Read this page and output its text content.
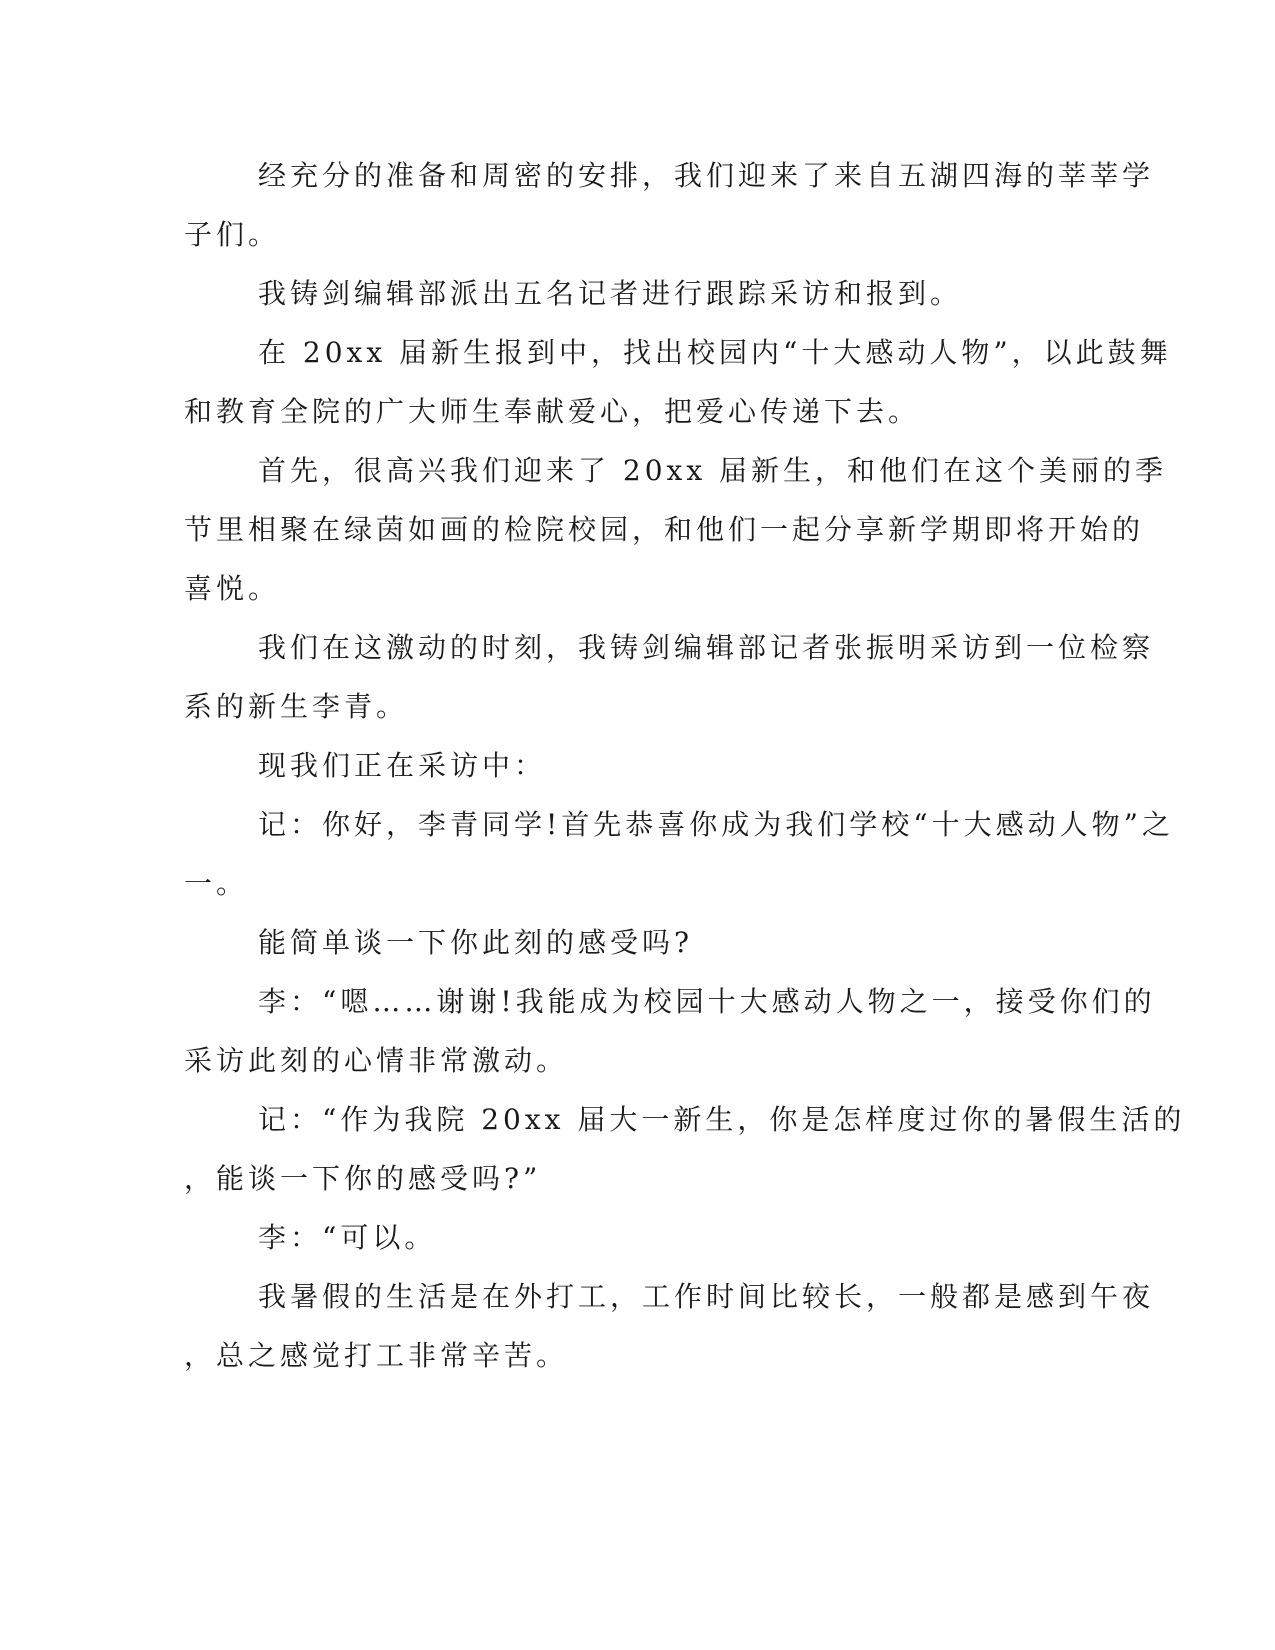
经充分的准备和周密的安排，我们迎来了来自五湖四海的莘莘学
子们。
我铸剑编辑部派出五名记者进行跟踪采访和报到。
在 20xx 届新生报到中，找出校园内“十大感动人物”，以此鼓舞
和教育全院的广大师生奉献爱心，把爱心传递下去。
首先，很高兴我们迎来了 20xx 届新生，和他们在这个美丽的季
节里相聚在绿茵如画的检院校园，和他们一起分享新学期即将开始的
喜悦。
我们在这激动的时刻，我铸剑编辑部记者张振明采访到一位检察
系的新生李青。
现我们正在采访中：
记：你好，李青同学!首先恭喜你成为我们学校“十大感动人物”之
一。
能简单谈一下你此刻的感受吗?
李：“嗯……谢谢!我能成为校园十大感动人物之一，接受你们的
采访此刻的心情非常激动。
记：“作为我院 20xx 届大一新生，你是怎样度过你的暑假生活的
，能谈一下你的感受吗?”
李：“可以。
我暑假的生活是在外打工，工作时间比较长，一般都是感到午夜
，总之感觉打工非常辛苦。
